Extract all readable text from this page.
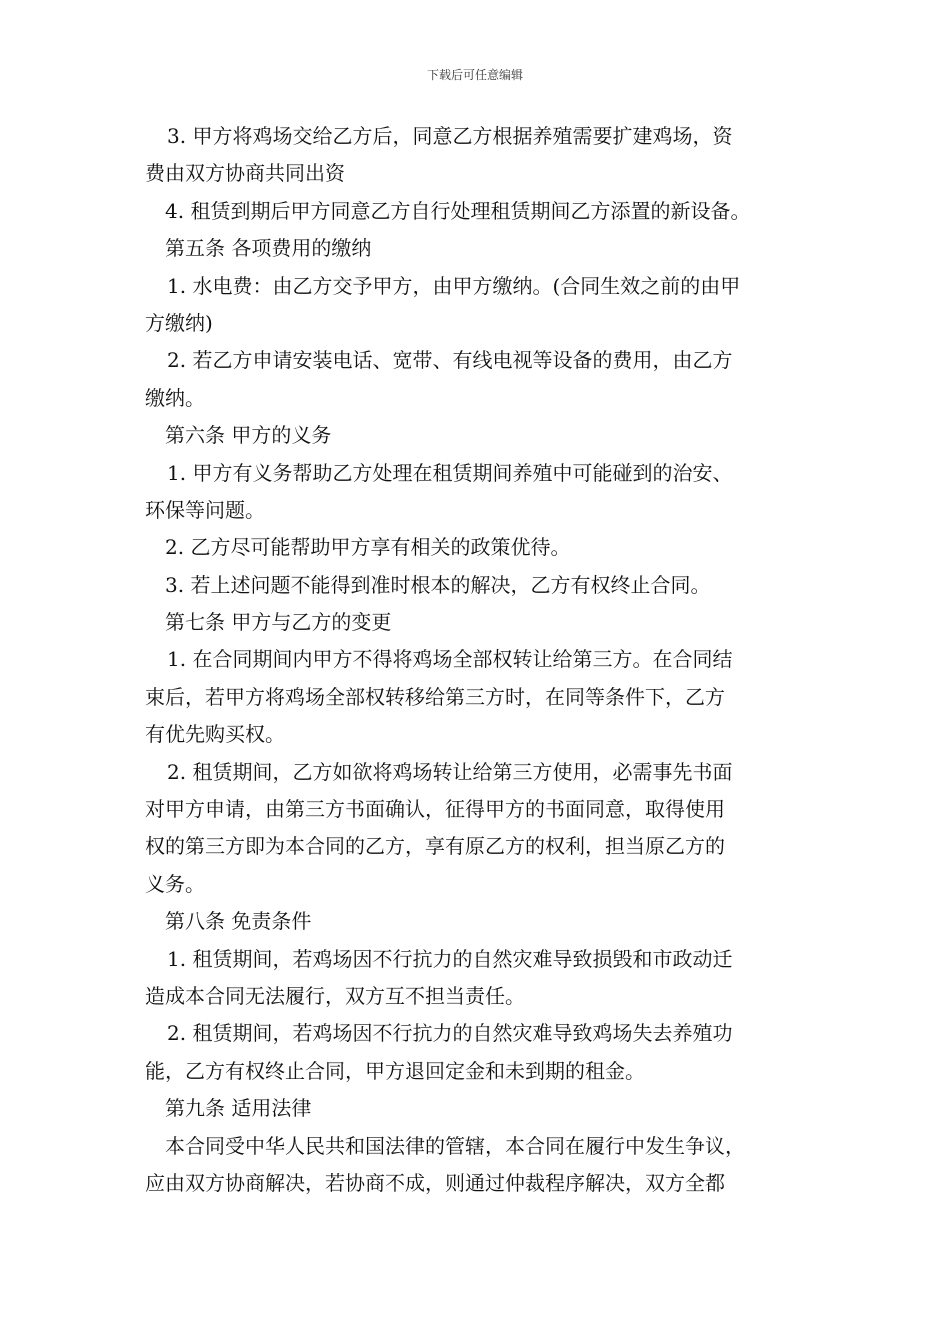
下载后可任意编辑
3. 甲方将鸡场交给乙方后，同意乙方根据养殖需要扩建鸡场，资
费由双方协商共同出资
4. 租赁到期后甲方同意乙方自行处理租赁期间乙方添置的新设备。
第五条 各项费用的缴纳
1. 水电费：由乙方交予甲方，由甲方缴纳。(合同生效之前的由甲
方缴纳)
2. 若乙方申请安装电话、宽带、有线电视等设备的费用，由乙方
缴纳。
第六条 甲方的义务
1. 甲方有义务帮助乙方处理在租赁期间养殖中可能碰到的治安、
环保等问题。
2. 乙方尽可能帮助甲方享有相关的政策优待。
3. 若上述问题不能得到准时根本的解决，乙方有权终止合同。
第七条 甲方与乙方的变更
1. 在合同期间内甲方不得将鸡场全部权转让给第三方。在合同结
束后，若甲方将鸡场全部权转移给第三方时，在同等条件下，乙方
有优先购买权。
2. 租赁期间，乙方如欲将鸡场转让给第三方使用，必需事先书面
对甲方申请，由第三方书面确认，征得甲方的书面同意，取得使用
权的第三方即为本合同的乙方，享有原乙方的权利，担当原乙方的
义务。
第八条 免责条件
1. 租赁期间，若鸡场因不行抗力的自然灾难导致损毁和市政动迁
造成本合同无法履行，双方互不担当责任。
2. 租赁期间，若鸡场因不行抗力的自然灾难导致鸡场失去养殖功
能，乙方有权终止合同，甲方退回定金和未到期的租金。
第九条 适用法律
本合同受中华人民共和国法律的管辖，本合同在履行中发生争议，
应由双方协商解决，若协商不成，则通过仲裁程序解决，双方全都
